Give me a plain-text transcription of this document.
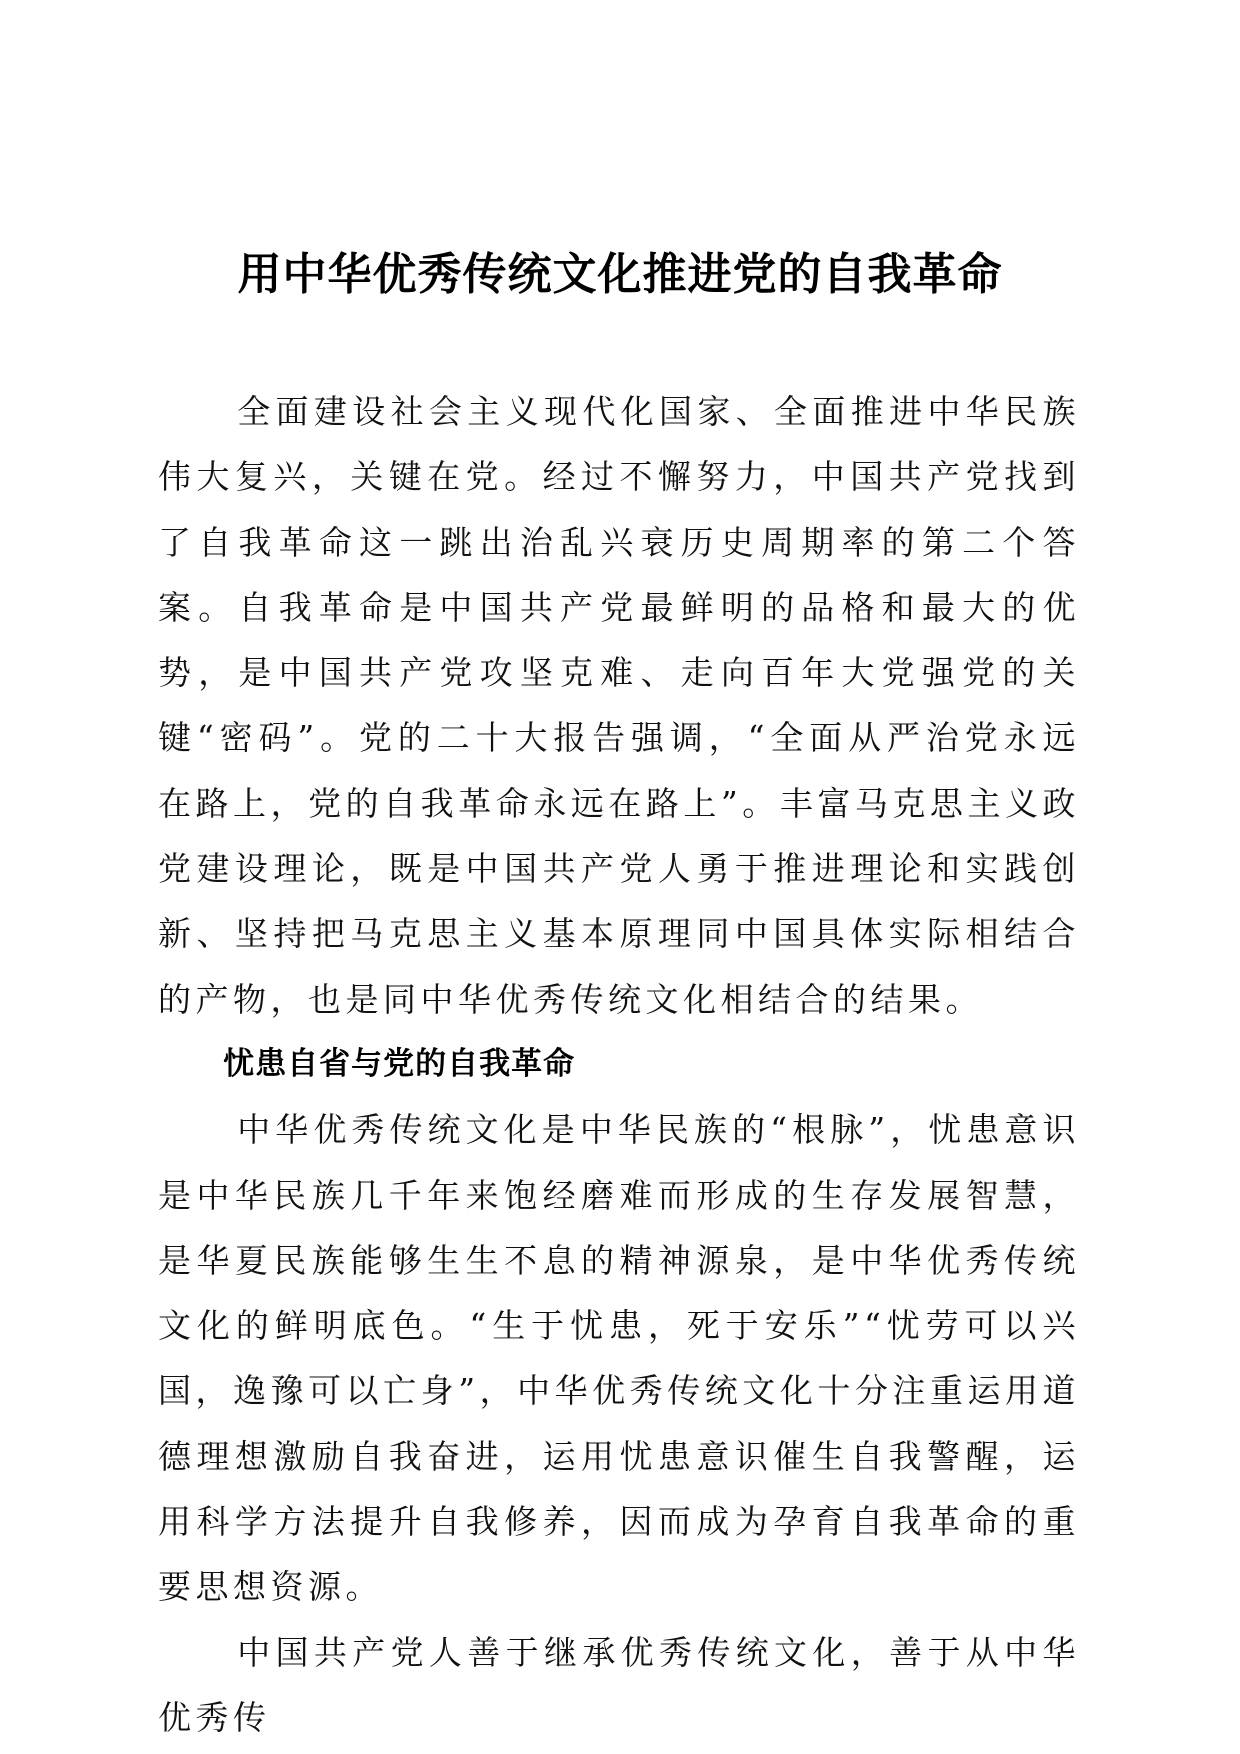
用中华优秀传统文化推进党的自我革命

全面建设社会主义现代化国家、全面推进中华民族伟大复兴，关键在党。经过不懈努力，中国共产党找到了自我革命这一跳出治乱兴衰历史周期率的第二个答案。自我革命是中国共产党最鲜明的品格和最大的优势，是中国共产党攻坚克难、走向百年大党强党的关键“密码”。党的二十大报告强调，“全面从严治党永远在路上，党的自我革命永远在路上”。丰富马克思主义政党建设理论，既是中国共产党人勇于推进理论和实践创新、坚持把马克思主义基本原理同中国具体实际相结合的产物，也是同中华优秀传统文化相结合的结果。

忧患自省与党的自我革命

中华优秀传统文化是中华民族的“根脉”，忧患意识是中华民族几千年来饱经磨难而形成的生存发展智慧，是华夏民族能够生生不息的精神源泉，是中华优秀传统文化的鲜明底色。“生于忧患，死于安乐”“忧劳可以兴国，逸豫可以亡身”，中华优秀传统文化十分注重运用道德理想激励自我奋进，运用忧患意识催生自我警醒，运用科学方法提升自我修养，因而成为孕育自我革命的重要思想资源。

中国共产党人善于继承优秀传统文化，善于从中华优秀传
